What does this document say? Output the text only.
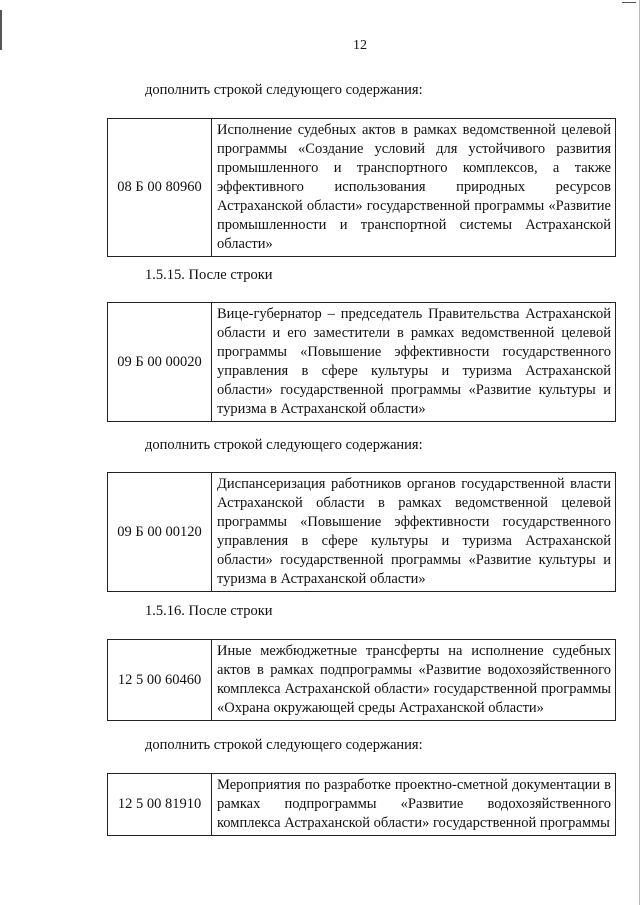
12
дополнить строкой следующего содержания:
08 Б 00 80960	Исполнение судебных актов в рамках ведомственной целевой программы «Создание условий для устойчивого развития промышленного и транспортного комплексов, а также эффективного использования природных ресурсов Астраханской области» государственной программы «Развитие промышленности и транспортной системы Астраханской области»
1.5.15. После строки
09 Б 00 00020	Вице-губернатор – председатель Правительства Астраханской области и его заместители в рамках ведомственной целевой программы «Повышение эффективности государственного управления в сфере культуры и туризма Астраханской области» государственной программы «Развитие культуры и туризма в Астраханской области»
дополнить строкой следующего содержания:
09 Б 00 00120	Диспансеризация работников органов государственной власти Астраханской области в рамках ведомственной целевой программы «Повышение эффективности государственного управления в сфере культуры и туризма Астраханской области» государственной программы «Развитие культуры и туризма в Астраханской области»
1.5.16. После строки
12 5 00 60460	Иные межбюджетные трансферты на исполнение судебных актов в рамках подпрограммы «Развитие водохозяйственного комплекса Астраханской области» государственной программы «Охрана окружающей среды Астраханской области»
дополнить строкой следующего содержания:
12 5 00 81910	Мероприятия по разработке проектно-сметной документации в рамках подпрограммы «Развитие водохозяйственного комплекса Астраханской области» государственной программы
